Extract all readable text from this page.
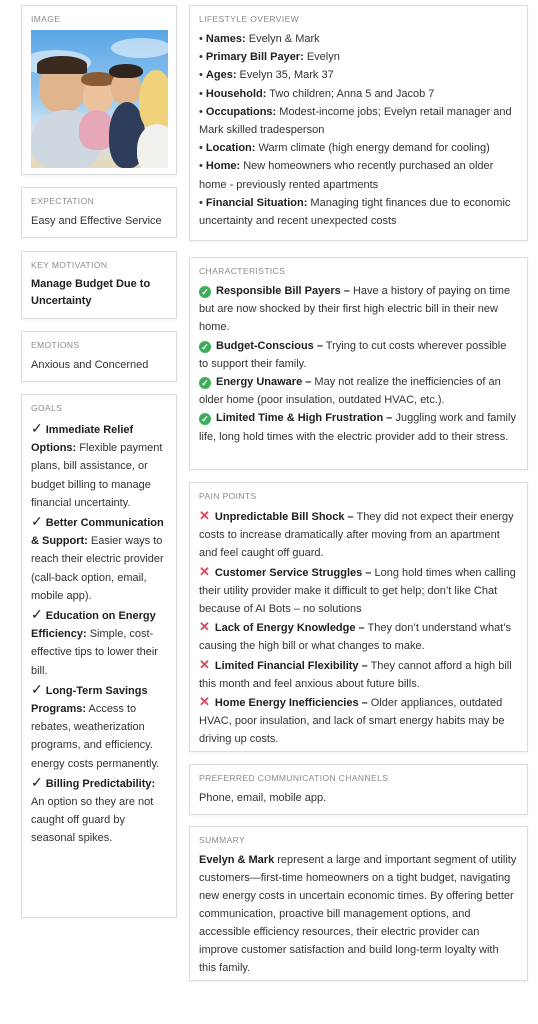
IMAGE
EXPECTATION
Easy and Effective Service
KEY MOTIVATION
Manage Budget Due to Uncertainty
EMOTIONS
Anxious and Concerned
GOALS
✓ Immediate Relief Options: Flexible payment plans, bill assistance, or budget billing to manage financial uncertainty.
✓ Better Communication & Support: Easier ways to reach their electric provider (call-back option, email, mobile app).
✓ Education on Energy Efficiency: Simple, cost-effective tips to lower their bill.
✓ Long-Term Savings Programs: Access to rebates, weatherization programs, and efficiency. energy costs permanently.
✓ Billing Predictability: An option so they are not caught off guard by seasonal spikes.
LIFESTYLE OVERVIEW
• Names: Evelyn & Mark
• Primary Bill Payer: Evelyn
• Ages: Evelyn 35, Mark 37
• Household: Two children; Anna 5 and Jacob 7
• Occupations: Modest-income jobs; Evelyn retail manager and Mark skilled tradesperson
• Location: Warm climate (high energy demand for cooling)
• Home: New homeowners who recently purchased an older home - previously rented apartments
• Financial Situation: Managing tight finances due to economic uncertainty and recent unexpected costs
CHARACTERISTICS
✓ Responsible Bill Payers – Have a history of paying on time but are now shocked by their first high electric bill in their new home.
✓ Budget-Conscious – Trying to cut costs wherever possible to support their family.
✓ Energy Unaware – May not realize the inefficiencies of an older home (poor insulation, outdated HVAC, etc.).
✓ Limited Time & High Frustration – Juggling work and family life, long hold times with the electric provider add to their stress.
PAIN POINTS
✕ Unpredictable Bill Shock – They did not expect their energy costs to increase dramatically after moving from an apartment and feel caught off guard.
✕ Customer Service Struggles – Long hold times when calling their utility provider make it difficult to get help; don’t like Chat because of AI Bots – no solutions
✕ Lack of Energy Knowledge – They don’t understand what’s causing the high bill or what changes to make.
✕ Limited Financial Flexibility – They cannot afford a high bill this month and feel anxious about future bills.
✕ Home Energy Inefficiencies – Older appliances, outdated HVAC, poor insulation, and lack of smart energy habits may be driving up costs.
PREFERRED COMMUNICATION CHANNELS
Phone, email, mobile app.
SUMMARY
Evelyn & Mark represent a large and important segment of utility customers—first-time homeowners on a tight budget, navigating new energy costs in uncertain economic times. By offering better communication, proactive bill management options, and accessible efficiency resources, their electric provider can improve customer satisfaction and build long-term loyalty with this family.
